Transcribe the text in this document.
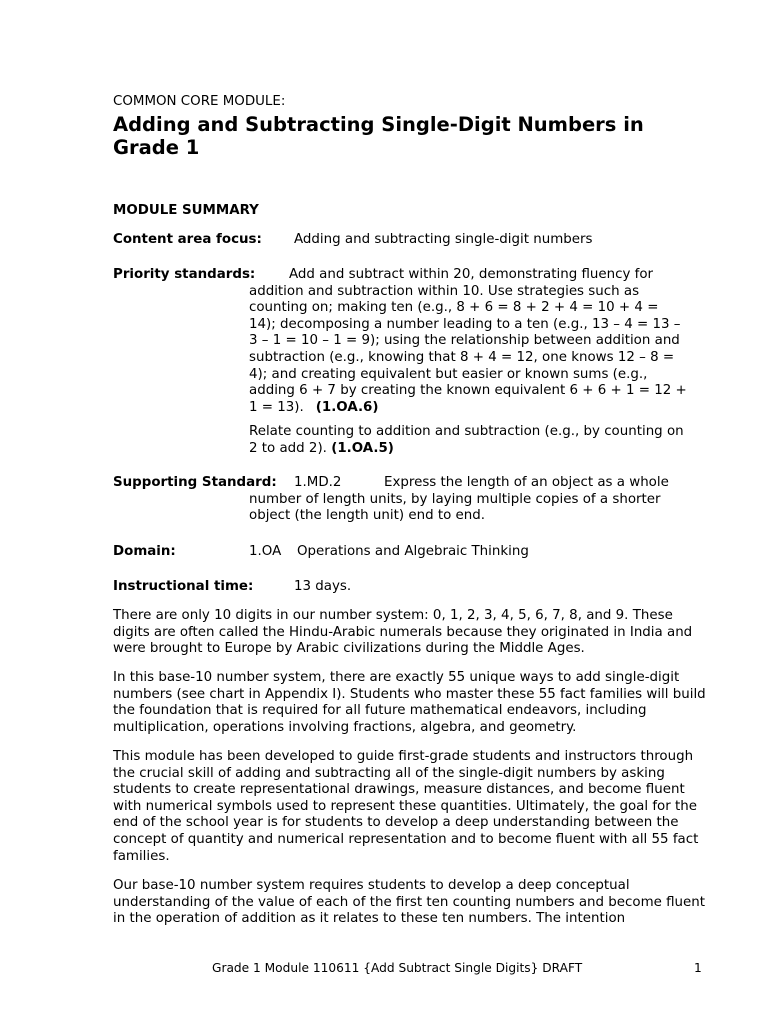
COMMON CORE MODULE:
Adding and Subtracting Single-Digit Numbers in
Grade 1
MODULE SUMMARY
Content area focus: Adding and subtracting single-digit numbers
Priority standards:	Add and subtract within 20, demonstrating fluency for
addition and subtraction within 10. Use strategies such as
counting on; making ten (e.g., 8 + 6 = 8 + 2 + 4 = 10 + 4 =
14); decomposing a number leading to a ten (e.g., 13 – 4 = 13 –
3 – 1 = 10 – 1 = 9); using the relationship between addition and
subtraction (e.g., knowing that 8 + 4 = 12, one knows 12 – 8 =
4); and creating equivalent but easier or known sums (e.g.,
adding 6 + 7 by creating the known equivalent 6 + 6 + 1 = 12 +
1 = 13). (1.OA.6)
Relate counting to addition and subtraction (e.g., by counting on
2 to add 2). (1.OA.5)
Supporting Standard: 1.MD.2	Express the length of an object as a whole
number of length units, by laying multiple copies of a shorter
object (the length unit) end to end.
Domain:	1.OA Operations and Algebraic Thinking
Instructional time:	13 days.

There are only 10 digits in our number system: 0, 1, 2, 3, 4, 5, 6, 7, 8, and 9. These digits are often called the Hindu-Arabic numerals because they originated in India and were brought to Europe by Arabic civilizations during the Middle Ages.

In this base-10 number system, there are exactly 55 unique ways to add single-digit numbers (see chart in Appendix I). Students who master these 55 fact families will build the foundation that is required for all future mathematical endeavors, including multiplication, operations involving fractions, algebra, and geometry.

This module has been developed to guide first-grade students and instructors through the crucial skill of adding and subtracting all of the single-digit numbers by asking students to create representational drawings, measure distances, and become fluent with numerical symbols used to represent these quantities. Ultimately, the goal for the end of the school year is for students to develop a deep understanding between the concept of quantity and numerical representation and to become fluent with all 55 fact families.

Our base-10 number system requires students to develop a deep conceptual understanding of the value of each of the first ten counting numbers and become fluent in the operation of addition as it relates to these ten numbers. The intention

Grade 1 Module 110611 {Add Subtract Single Digits} DRAFT	1
